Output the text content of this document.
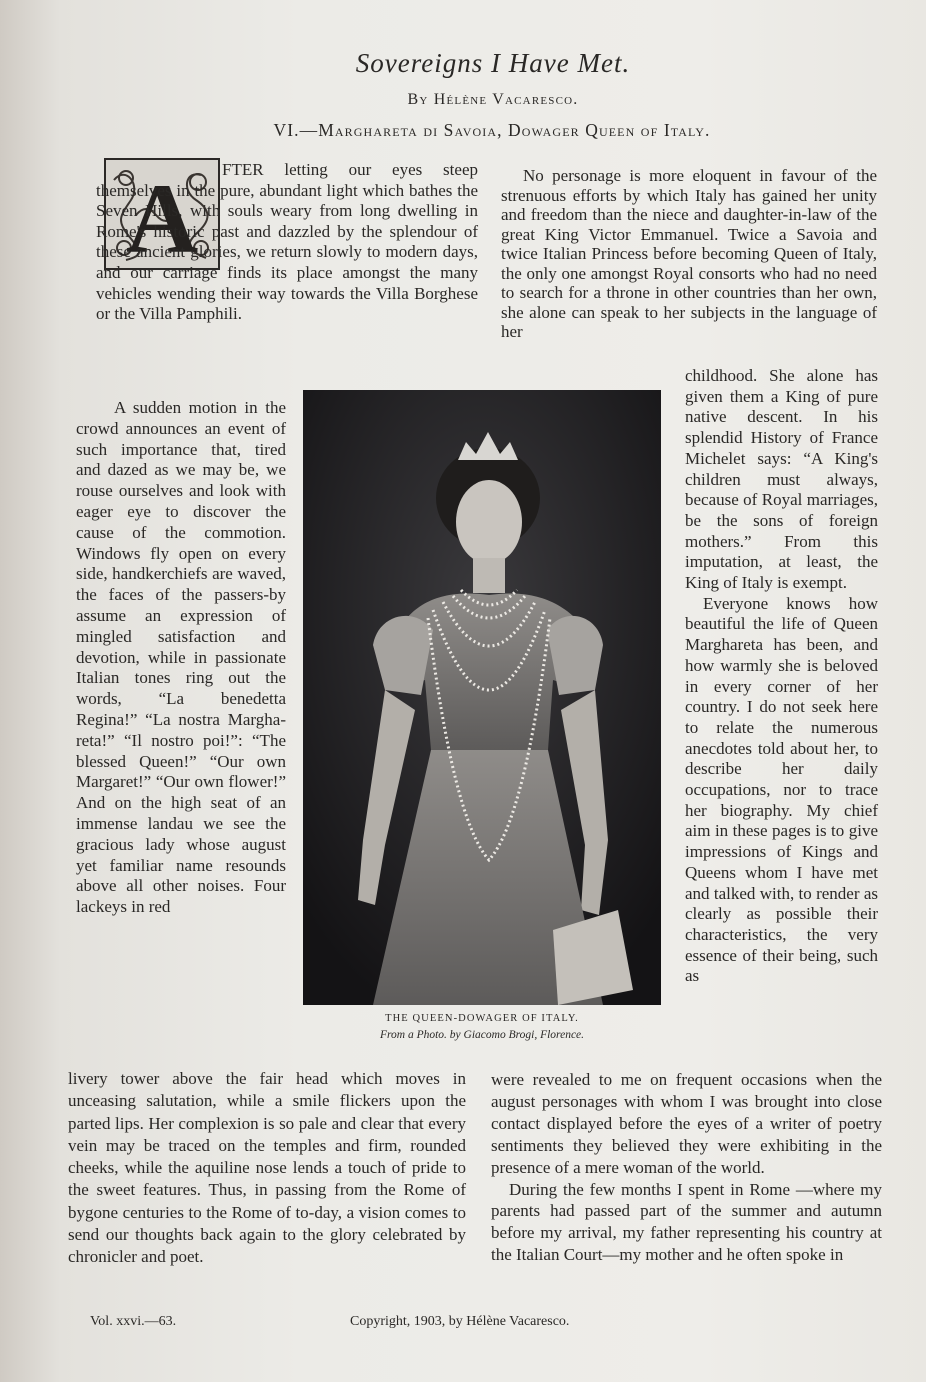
Sovereigns I Have Met.
By Hélène Vacaresco.
VI.—Marghareta di Savoia, Dowager Queen of Italy.
A	FTER letting our eyes steep themselves in the pure, abundant light which bathes the Seven Hills, with souls weary from long dwelling in Rome's historic past and dazzled by the splendour of these ancient glories, we return slowly to modern days, and our carriage finds its place amongst the many vehicles wending their way towards the Villa Borghese or the Villa Pamphili.

A sudden motion in the crowd announces an event of such importance that, tired and dazed as we may be, we rouse ourselves and look with eager eye to discover the cause of the commotion. Windows fly open on every side, handkerchiefs are waved, the faces of the passers-by assume an expression of mingled satisfaction and devotion, while in passionate Italian tones ring out the words, “La benedetta Regina!” “La nostra Margha-reta!” “Il nostro poi!”: “The blessed Queen!” “Our own Margaret!” “Our own flower!” And on the high seat of an immense landau we see the gracious lady whose august yet familiar name resounds above all other noises. Four lackeys in red

THE QUEEN-DOWAGER OF ITALY.
From a Photo. by Giacomo Brogi, Florence.

livery tower above the fair head which moves in unceasing salutation, while a smile flickers upon the parted lips. Her complexion is so pale and clear that every vein may be traced on the temples and firm, rounded cheeks, while the aquiline nose lends a touch of pride to the sweet features. Thus, in passing from the Rome of bygone centuries to the Rome of to-day, a vision comes to send our thoughts back again to the glory celebrated by chronicler and poet.

No personage is more eloquent in favour of the strenuous efforts by which Italy has gained her unity and freedom than the niece and daughter-in-law of the great King Victor Emmanuel. Twice a Savoia and twice Italian Princess before becoming Queen of Italy, the only one amongst Royal consorts who had no need to search for a throne in other countries than her own, she alone can speak to her subjects in the language of her

childhood. She alone has given them a King of pure native descent. In his splendid History of France Michelet says: “A King's children must always, because of Royal marriages, be the sons of foreign mothers.” From this imputation, at least, the King of Italy is exempt.

Everyone knows how beautiful the life of Queen Marghareta has been, and how warmly she is beloved in every corner of her country. I do not seek here to relate the numerous anecdotes told about her, to describe her daily occupations, nor to trace her biography. My chief aim in these pages is to give impressions of Kings and Queens whom I have met and talked with, to render as clearly as possible their characteristics, the very essence of their being, such as

were revealed to me on frequent occasions when the august personages with whom I was brought into close contact displayed before the eyes of a writer of poetry sentiments they believed they were exhibiting in the presence of a mere woman of the world.

During the few months I spent in Rome —where my parents had passed part of the summer and autumn before my arrival, my father representing his country at the Italian Court—my mother and he often spoke in

Vol. xxvi.—63.	Copyright, 1903, by Hélène Vacaresco.
